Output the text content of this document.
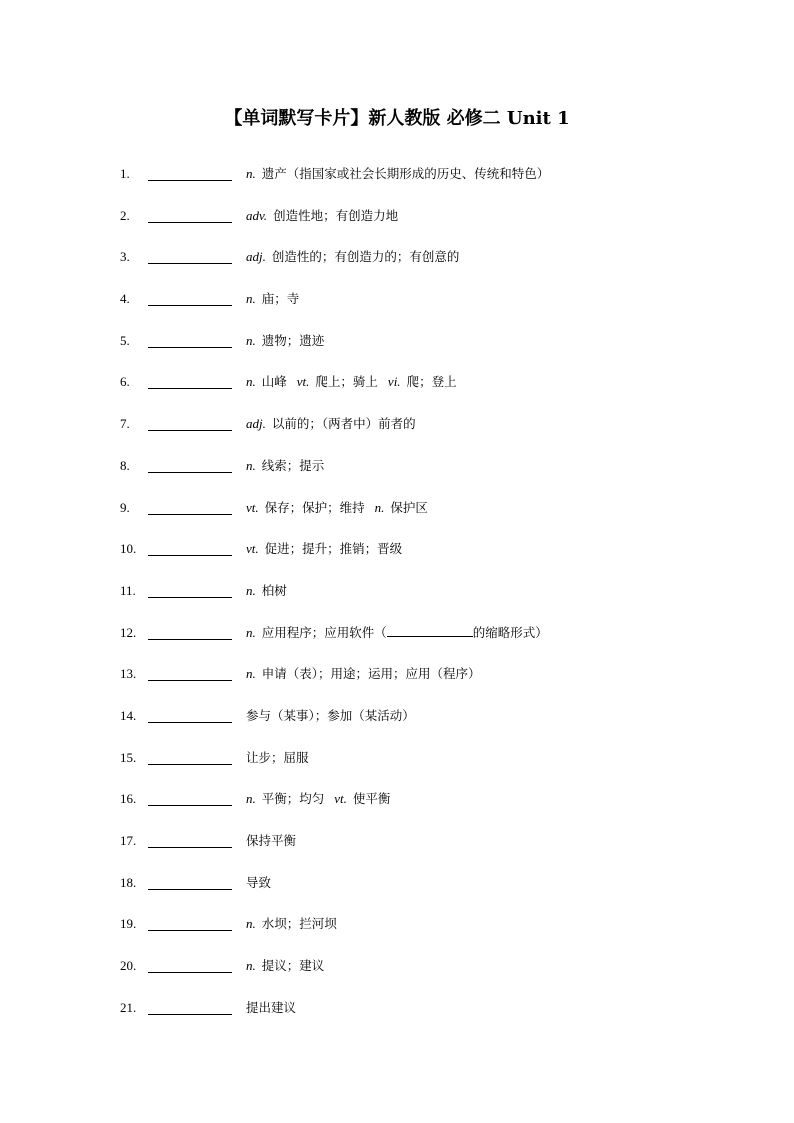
【单词默写卡片】新人教版 必修二 Unit 1
1.	n. 遗产（指国家或社会长期形成的历史、传统和特色）
2.	adv. 创造性地；有创造力地
3.	adj. 创造性的；有创造力的；有创意的
4.	n. 庙；寺
5.	n. 遗物；遗迹
6.	n. 山峰 vt. 爬上；骑上 vi. 爬；登上
7.	adj. 以前的；（两者中）前者的
8.	n. 线索；提示
9.	vt. 保存；保护；维持 n. 保护区
10.	vt. 促进；提升；推销；晋级
11.	n. 柏树
12.	n. 应用程序；应用软件（	的缩略形式）
13.	n. 申请（表）；用途；运用；应用（程序）
14.	参与（某事）；参加（某活动）
15.	让步；屈服
16.	n. 平衡；均匀 vt. 使平衡
17.	保持平衡
18.	导致
19.	n. 水坝；拦河坝
20.	n. 提议；建议
21.	提出建议
